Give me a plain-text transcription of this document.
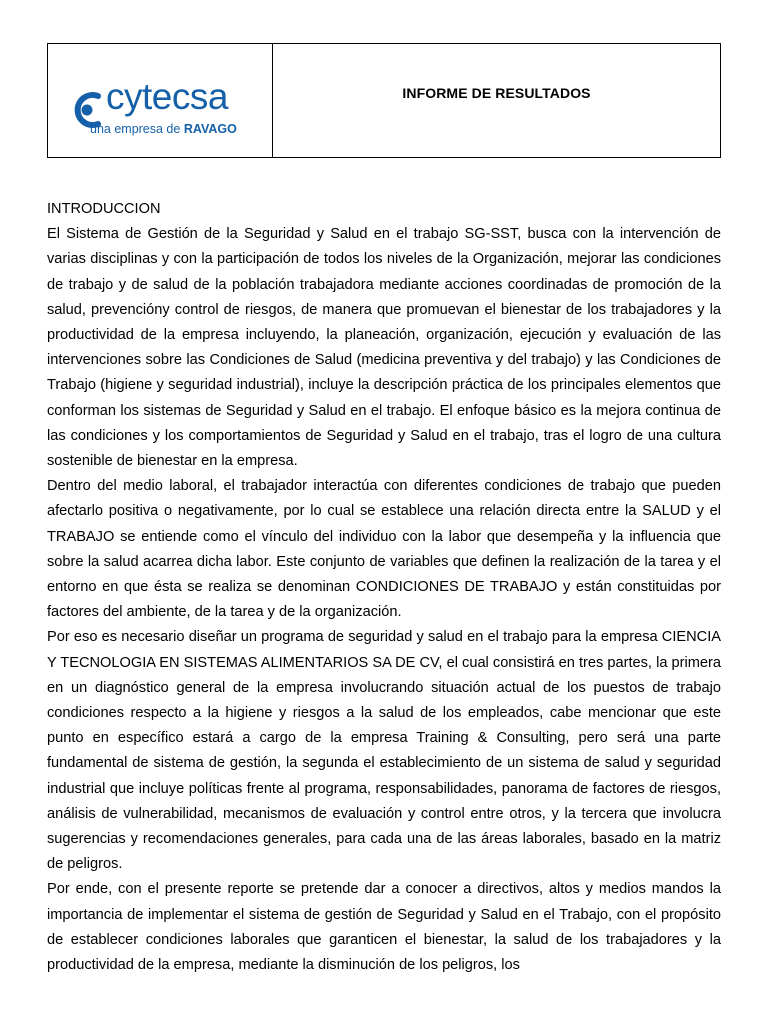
cytecsa
una empresa de RAVAGO
INFORME DE RESULTADOS
INTRODUCCION

El Sistema de Gestión de la Seguridad y Salud en el trabajo SG-SST, busca con la intervención de varias disciplinas y con la participación de todos los niveles de la Organización, mejorar las condiciones de trabajo y de salud de la población trabajadora mediante acciones coordinadas de promoción de la salud, prevencióny control de riesgos, de manera que promuevan el bienestar de los trabajadores y la productividad de la empresa incluyendo, la planeación, organización, ejecución y evaluación de las intervenciones sobre las Condiciones de Salud (medicina preventiva y del trabajo) y las Condiciones de Trabajo (higiene y seguridad industrial), incluye la descripción práctica de los principales elementos que conforman los sistemas de Seguridad y Salud en el trabajo. El enfoque básico es la mejora continua de las condiciones y los comportamientos de Seguridad y Salud en el trabajo, tras el logro de una cultura sostenible de bienestar en la empresa.

Dentro del medio laboral, el trabajador interactúa con diferentes condiciones de trabajo que pueden afectarlo positiva o negativamente, por lo cual se establece una relación directa entre la SALUD y el TRABAJO se entiende como el vínculo del individuo con la labor que desempeña y la influencia que sobre la salud acarrea dicha labor. Este conjunto de variables que definen la realización de la tarea y el entorno en que ésta se realiza se denominan CONDICIONES DE TRABAJO y están constituidas por factores del ambiente, de la tarea y de la organización.

Por eso es necesario diseñar un programa de seguridad y salud en el trabajo para la empresa CIENCIA Y TECNOLOGIA EN SISTEMAS ALIMENTARIOS SA DE CV, el cual consistirá en tres partes, la primera en un diagnóstico general de la empresa involucrando situación actual de los puestos de trabajo condiciones respecto a la higiene y riesgos a la salud de los empleados, cabe mencionar que este punto en específico estará a cargo de la empresa Training & Consulting, pero será una parte fundamental de sistema de gestión, la segunda el establecimiento de un sistema de salud y seguridad industrial que incluye políticas frente al programa, responsabilidades, panorama de factores de riesgos, análisis de vulnerabilidad, mecanismos de evaluación y control entre otros, y la tercera que involucra sugerencias y recomendaciones generales, para cada una de las áreas laborales, basado en la matriz de peligros.

Por ende, con el presente reporte se pretende dar a conocer a directivos, altos y medios mandos la importancia de implementar el sistema de gestión de Seguridad y Salud en el Trabajo, con el propósito de establecer condiciones laborales que garanticen el bienestar, la salud de los trabajadores y la productividad de la empresa, mediante la disminución de los peligros, los
